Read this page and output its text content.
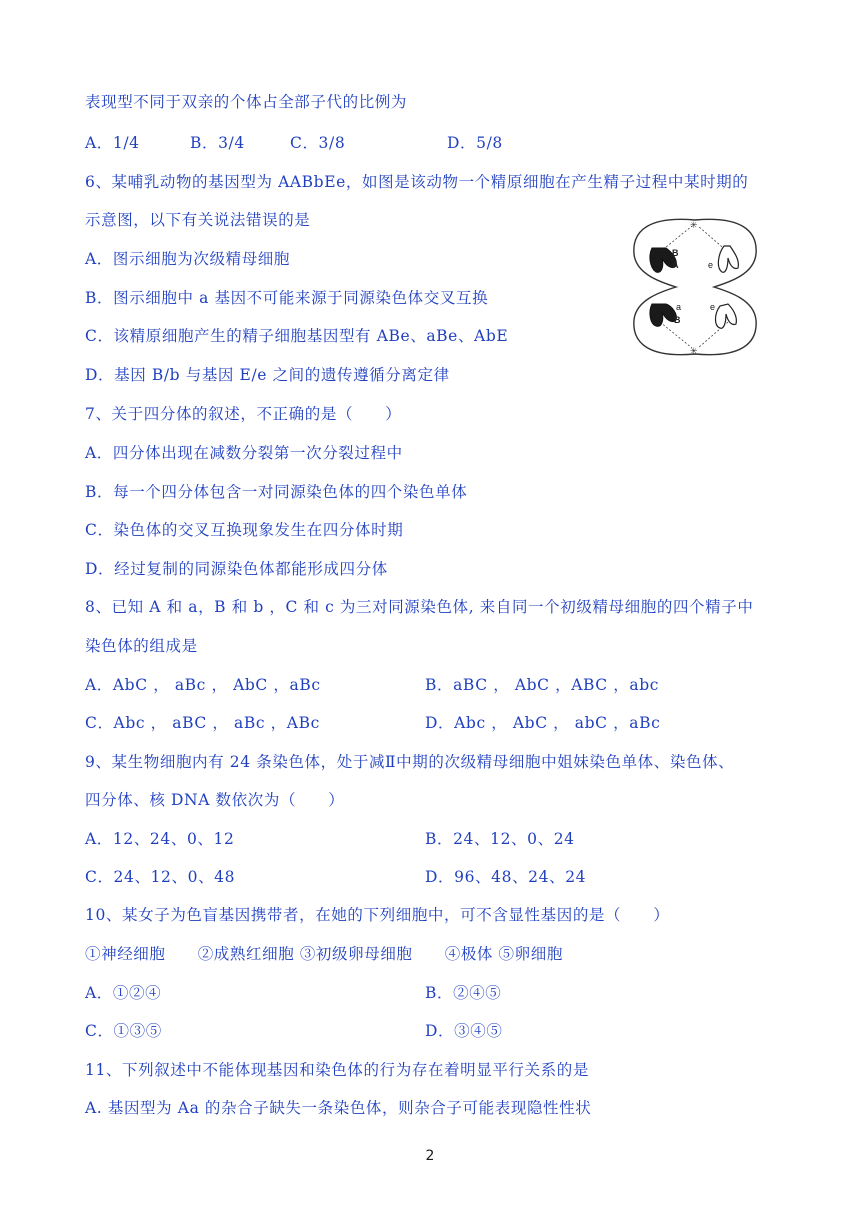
表现型不同于双亲的个体占全部子代的比例为
A．1/4	B．3/4	C．3/8	D．5/8
6、某哺乳动物的基因型为 AABbEe，如图是该动物一个精原细胞在产生精子过程中某时期的
示意图，以下有关说法错误的是
A．图示细胞为次级精母细胞
B．图示细胞中 a 基因不可能来源于同源染色体交叉互换
C．该精原细胞产生的精子细胞基因型有 ABe、aBe、AbE
D．基因 B/b 与基因 E/e 之间的遗传遵循分离定律
✳
✳
B
A	e
a
B
e
7、关于四分体的叙述，不正确的是（　　）
A．四分体出现在减数分裂第一次分裂过程中
B．每一个四分体包含一对同源染色体的四个染色单体
C．染色体的交叉互换现象发生在四分体时期
D．经过复制的同源染色体都能形成四分体
8、已知 A 和 a，B 和 b ，C 和 c 为三对同源染色体, 来自同一个初级精母细胞的四个精子中
染色体的组成是
A．AbC ， aBc ， AbC ，aBc	B．aBC ， AbC ，ABC ，abc
C．Abc ， aBC ， aBc ，ABc	D．Abc ， AbC ， abC ，aBc
9、某生物细胞内有 24 条染色体，处于减Ⅱ中期的次级精母细胞中姐妹染色单体、染色体、
四分体、核 DNA 数依次为（　　）
A．12、24、0、12	B．24、12、0、24
C．24、12、0、48	D．96、48、24、24
10、某女子为色盲基因携带者，在她的下列细胞中，可不含显性基因的是（　　）
①神经细胞　　②成熟红细胞 ③初级卵母细胞　　④极体 ⑤卵细胞
A．①②④	B．②④⑤
C．①③⑤	D．③④⑤
11、下列叙述中不能体现基因和染色体的行为存在着明显平行关系的是
A. 基因型为 Aa 的杂合子缺失一条染色体，则杂合子可能表现隐性性状
2
